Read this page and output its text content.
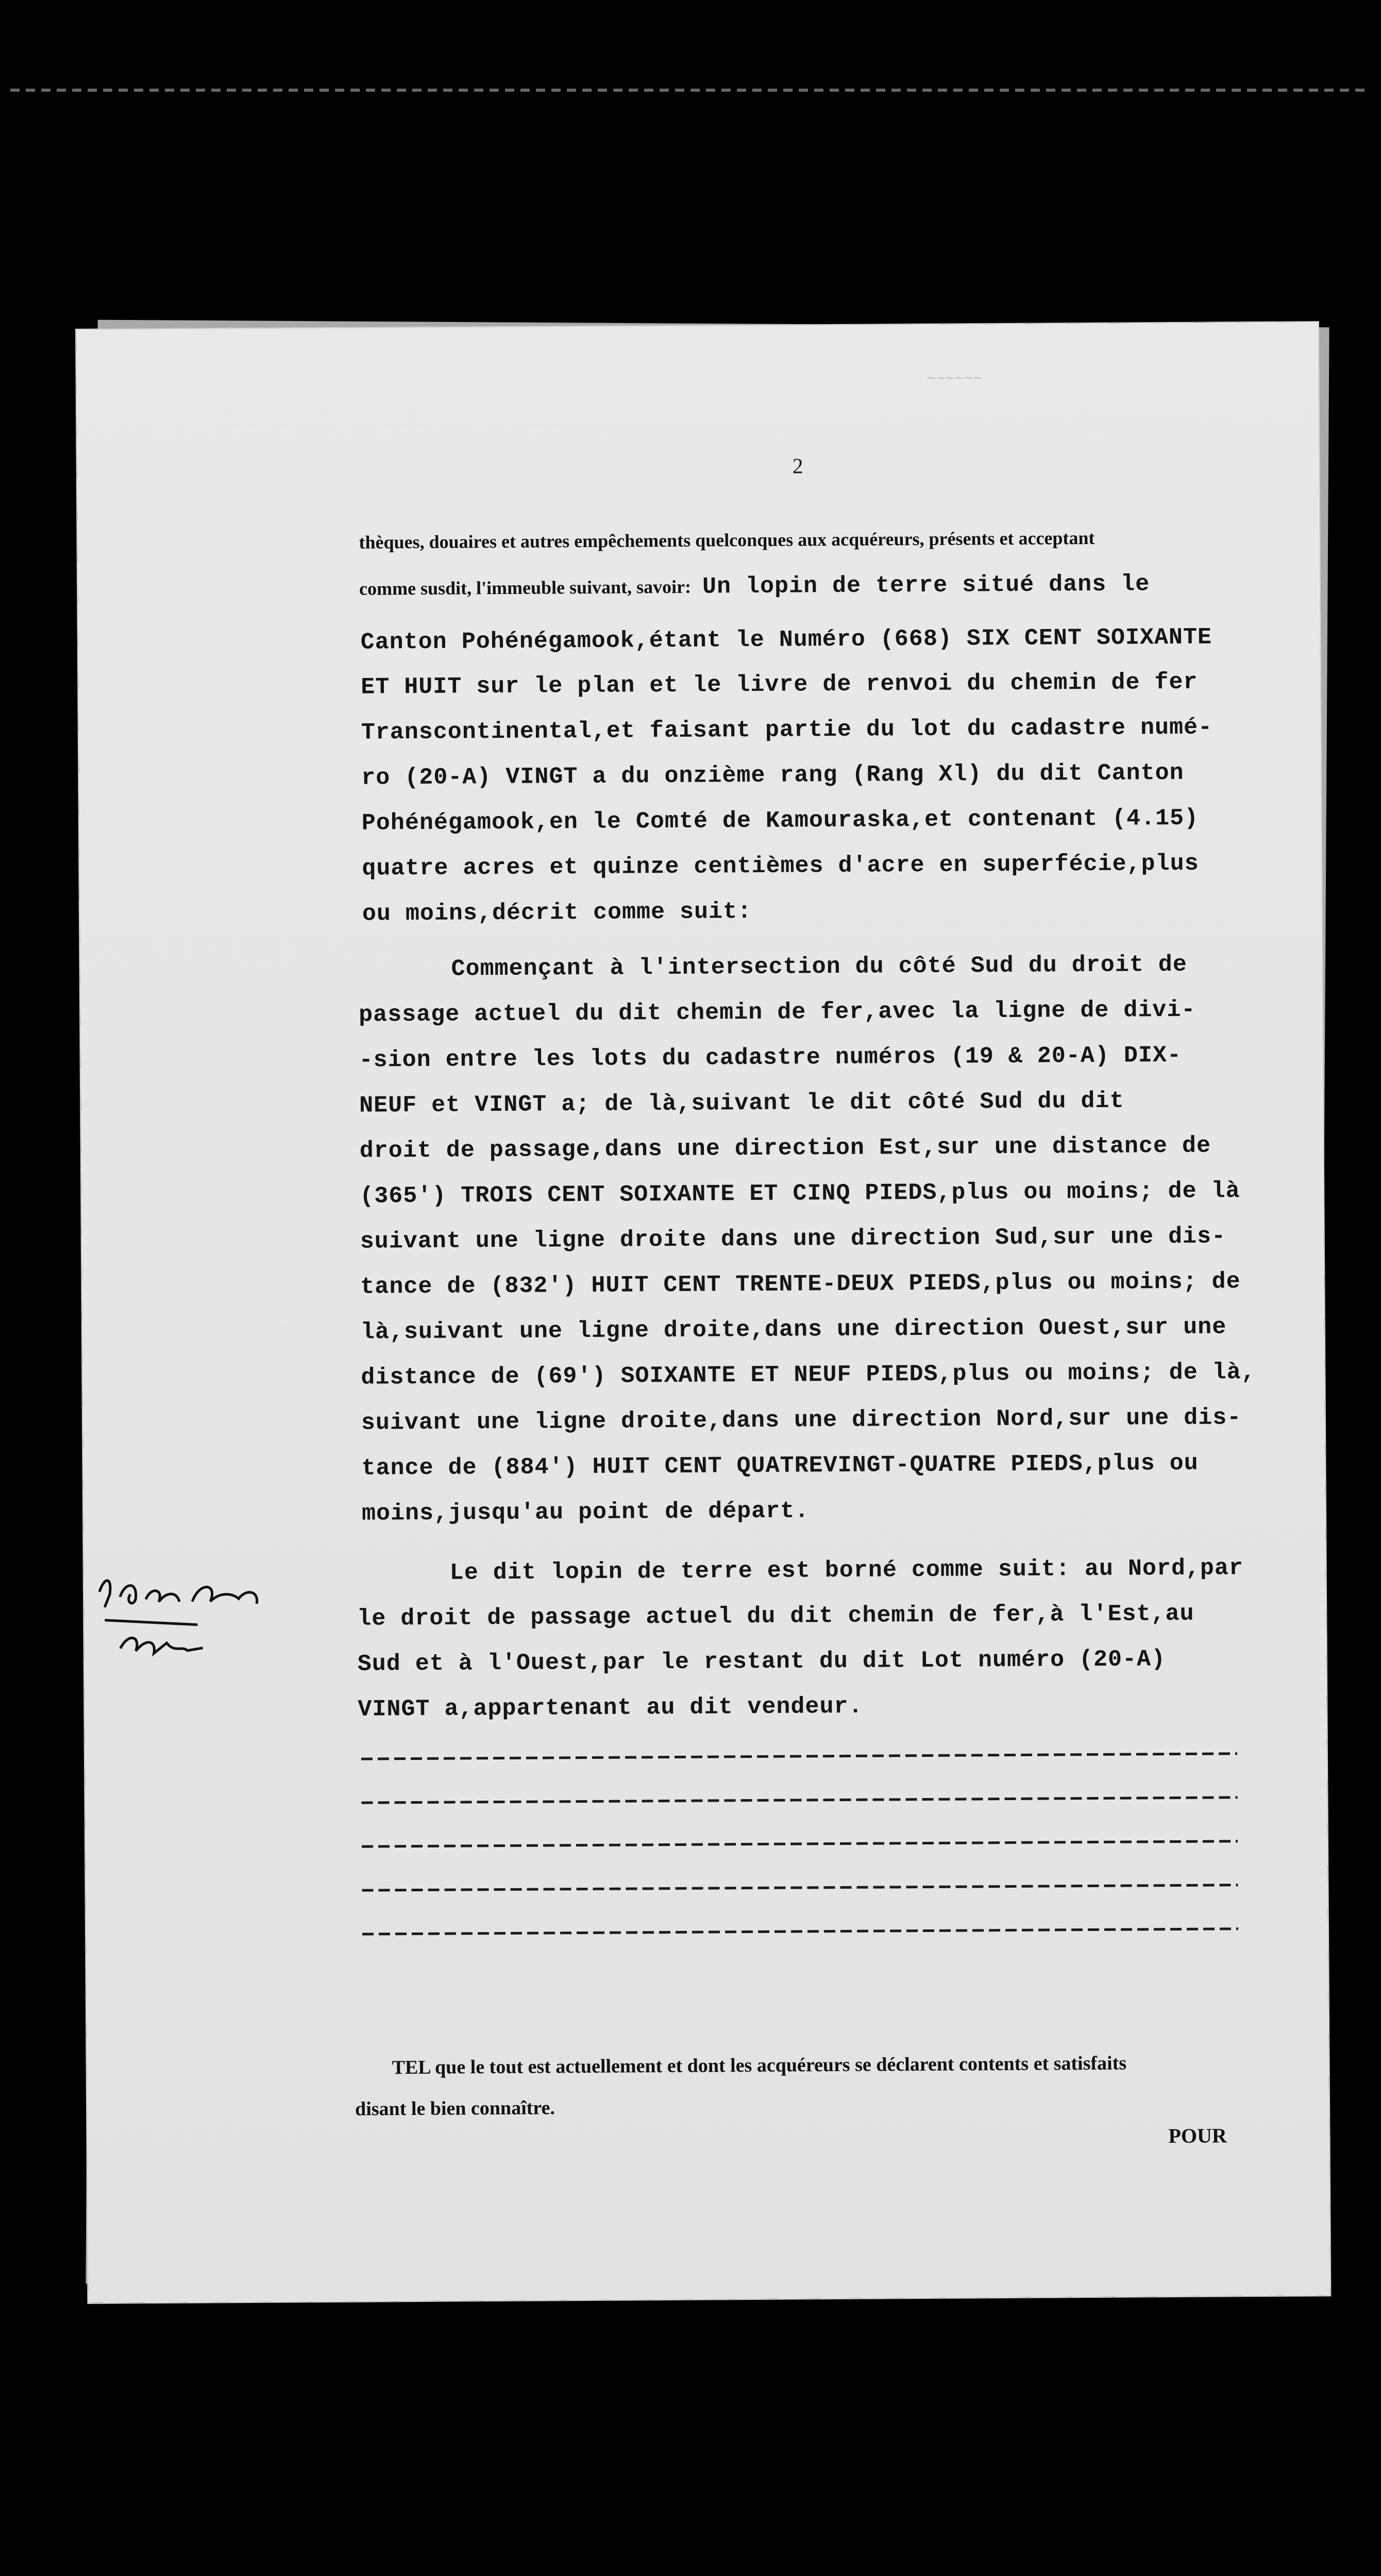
2
thèques, douaires et autres empêchements quelconques aux acquéreurs, présents et acceptant
comme susdit, l'immeuble suivant, savoir: Un lopin de terre situé dans le
Canton Pohénégamook,étant le Numéro (668) SIX CENT SOIXANTE
ET HUIT sur le plan et le livre de renvoi du chemin de fer
Transcontinental,et faisant partie du lot du cadastre numé-
ro (20-A) VINGT a du onzième rang (Rang Xl) du dit Canton
Pohénégamook,en le Comté de Kamouraska,et contenant (4.15)
quatre acres et quinze centièmes d'acre en superfécie,plus
ou moins,décrit comme suit:
Commençant à l'intersection du côté Sud du droit de
passage actuel du dit chemin de fer,avec la ligne de divi-
-sion entre les lots du cadastre numéros (19 & 20-A) DIX-
NEUF et VINGT a; de là,suivant le dit côté Sud du dit
droit de passage,dans une direction Est,sur une distance de
(365') TROIS CENT SOIXANTE ET CINQ PIEDS,plus ou moins; de là
suivant une ligne droite dans une direction Sud,sur une dis-
tance de (832') HUIT CENT TRENTE-DEUX PIEDS,plus ou moins; de
là,suivant une ligne droite,dans une direction Ouest,sur une
distance de (69') SOIXANTE ET NEUF PIEDS,plus ou moins; de là,
suivant une ligne droite,dans une direction Nord,sur une dis-
tance de (884') HUIT CENT QUATREVINGT-QUATRE PIEDS,plus ou
moins,jusqu'au point de départ.
Le dit lopin de terre est borné comme suit: au Nord,par
le droit de passage actuel du dit chemin de fer,à l'Est,au
Sud et à l'Ouest,par le restant du dit Lot numéro (20-A)
VINGT a,appartenant au dit vendeur.
TEL que le tout est actuellement et dont les acquéreurs se déclarent contents et satisfaits
disant le bien connaître.
POUR
~~~~~~
